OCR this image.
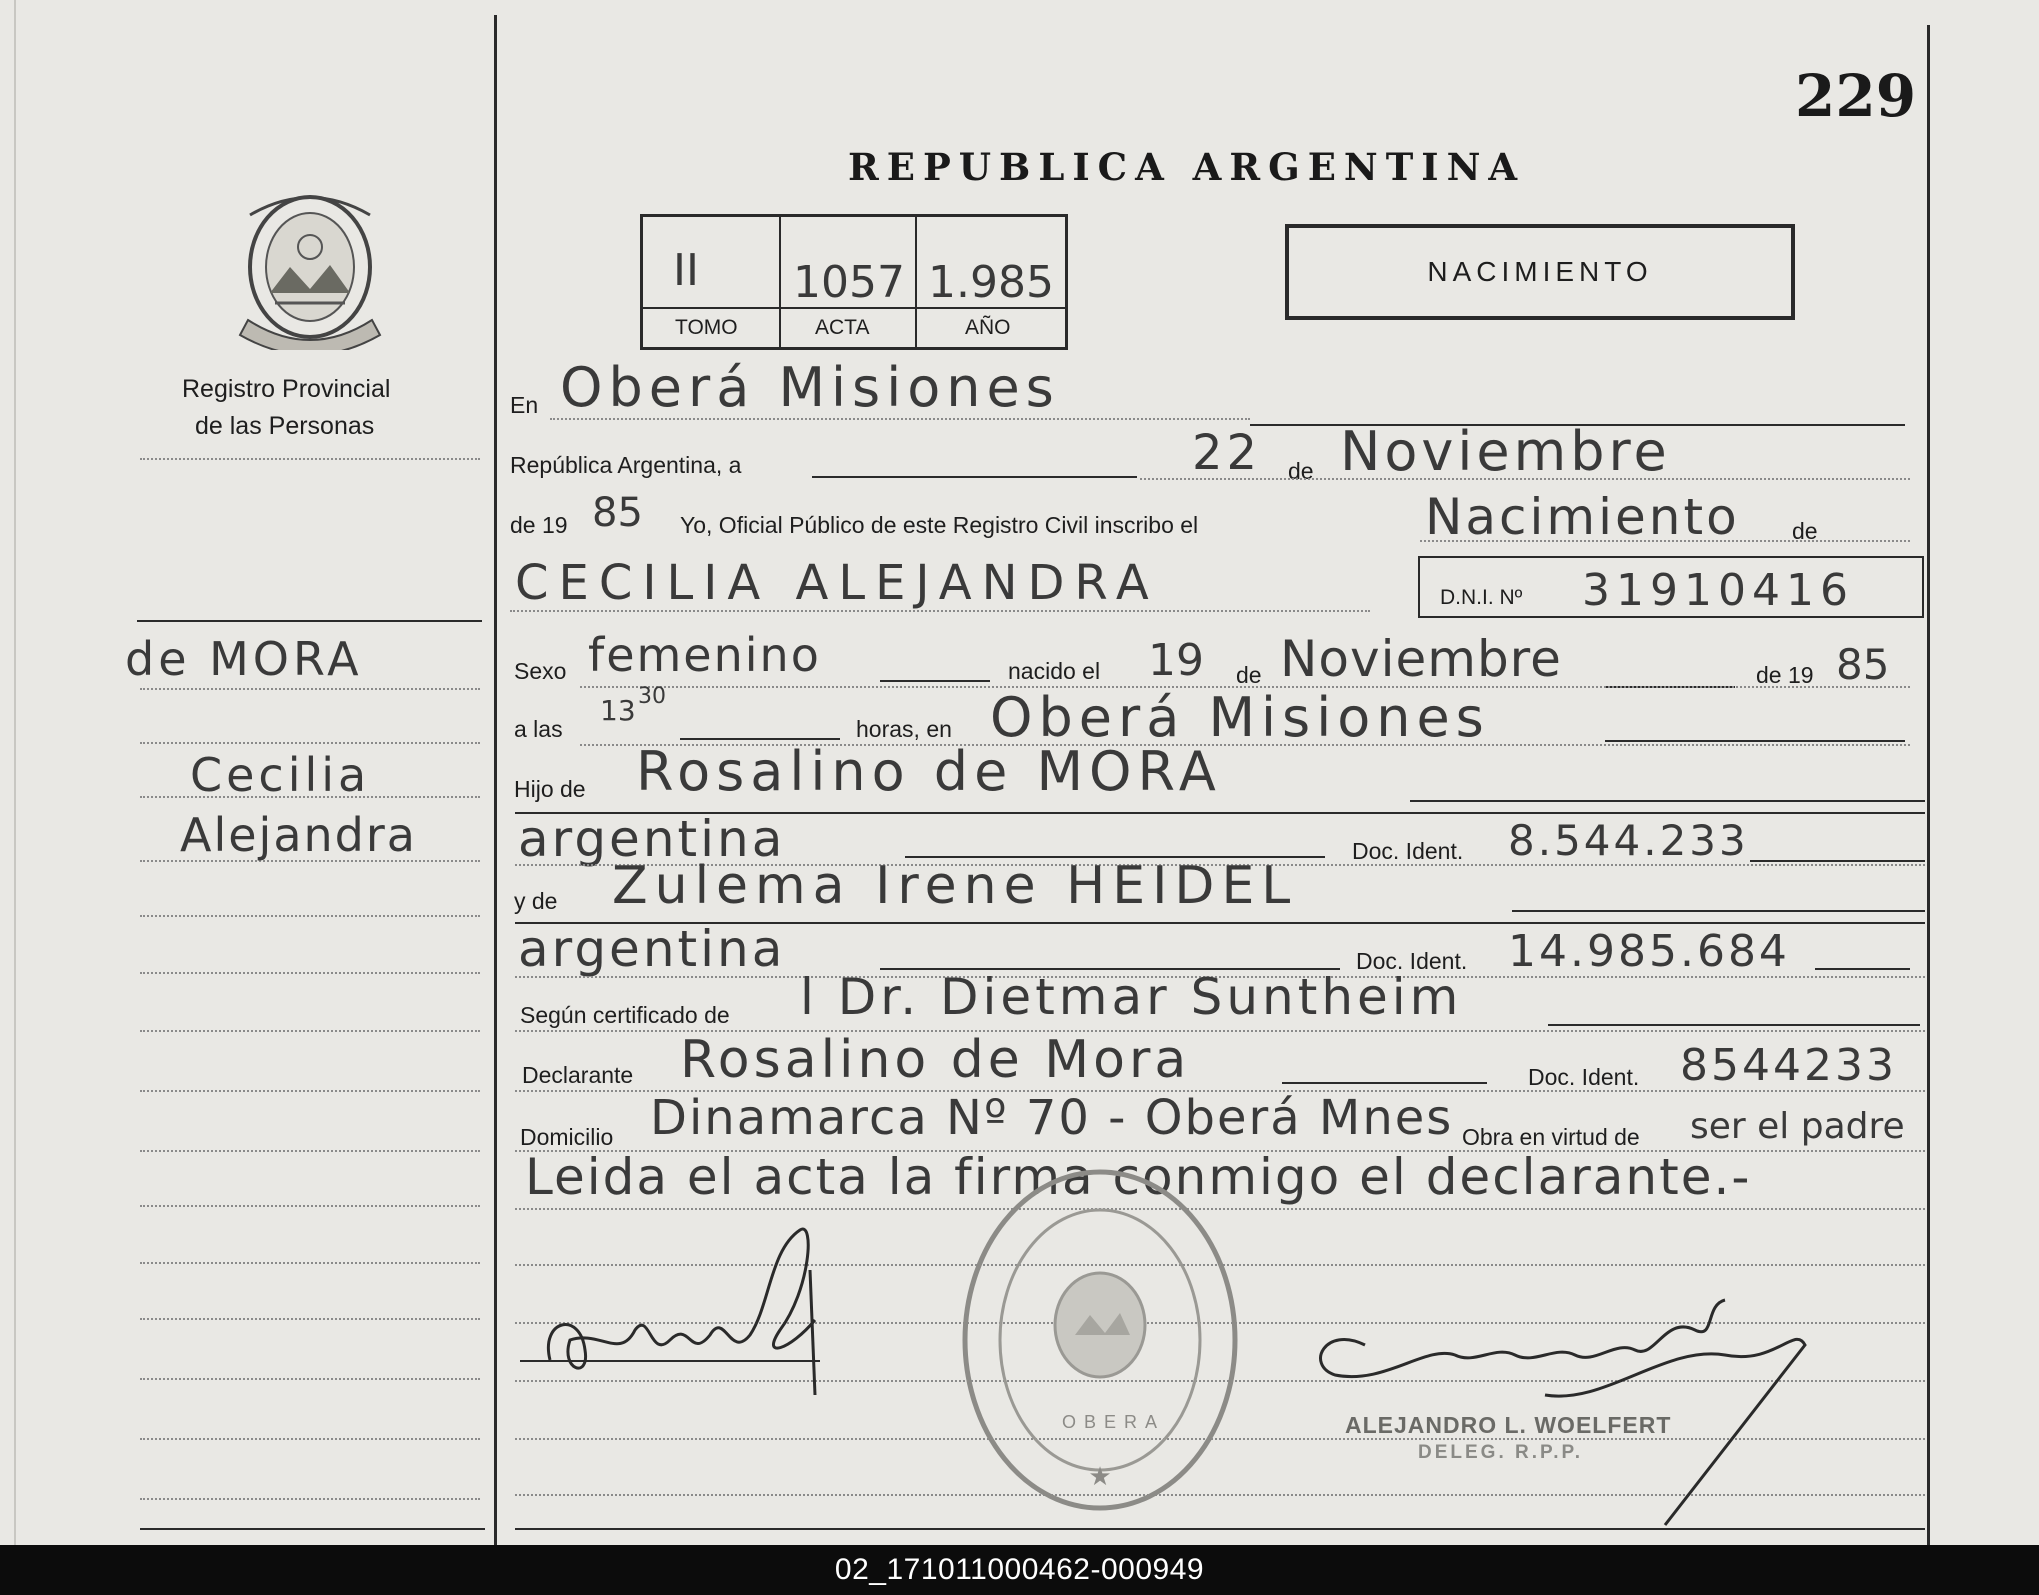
229
Registro Provincial
de las Personas
de MORA
Cecilia
Alejandra
REPUBLICA ARGENTINA
II 1057 1.985
TOMO	ACTA	AÑO
NACIMIENTO
En Oberá Misiones
República Argentina, a	22 de Noviembre
de 19 85 Yo, Oficial Público de este Registro Civil inscribo el	Nacimiento de
CECILIA ALEJANDRA	D.N.I. Nº 31910416
Sexo femenino	nacido el 19 de Noviembre	de 19 85
a las
13 30
horas, en Oberá Misiones
Hijo de Rosalino de MORA
argentina	Doc. Ident. 8.544.233
y de Zulema Irene HEIDEL
argentina	Doc. Ident. 14.985.684
Según certificado de l Dr. Dietmar Suntheim
Declarante Rosalino de Mora	Doc. Ident. 8544233
Domicilio Dinamarca Nº 70 - Oberá Mnes Obra en virtud de ser el padre
Leida el acta la firma conmigo el declarante.-
★
OBERA	ALEJANDRO L. WOELFERT
DELEG. R.P.P.
02_171011000462-000949
